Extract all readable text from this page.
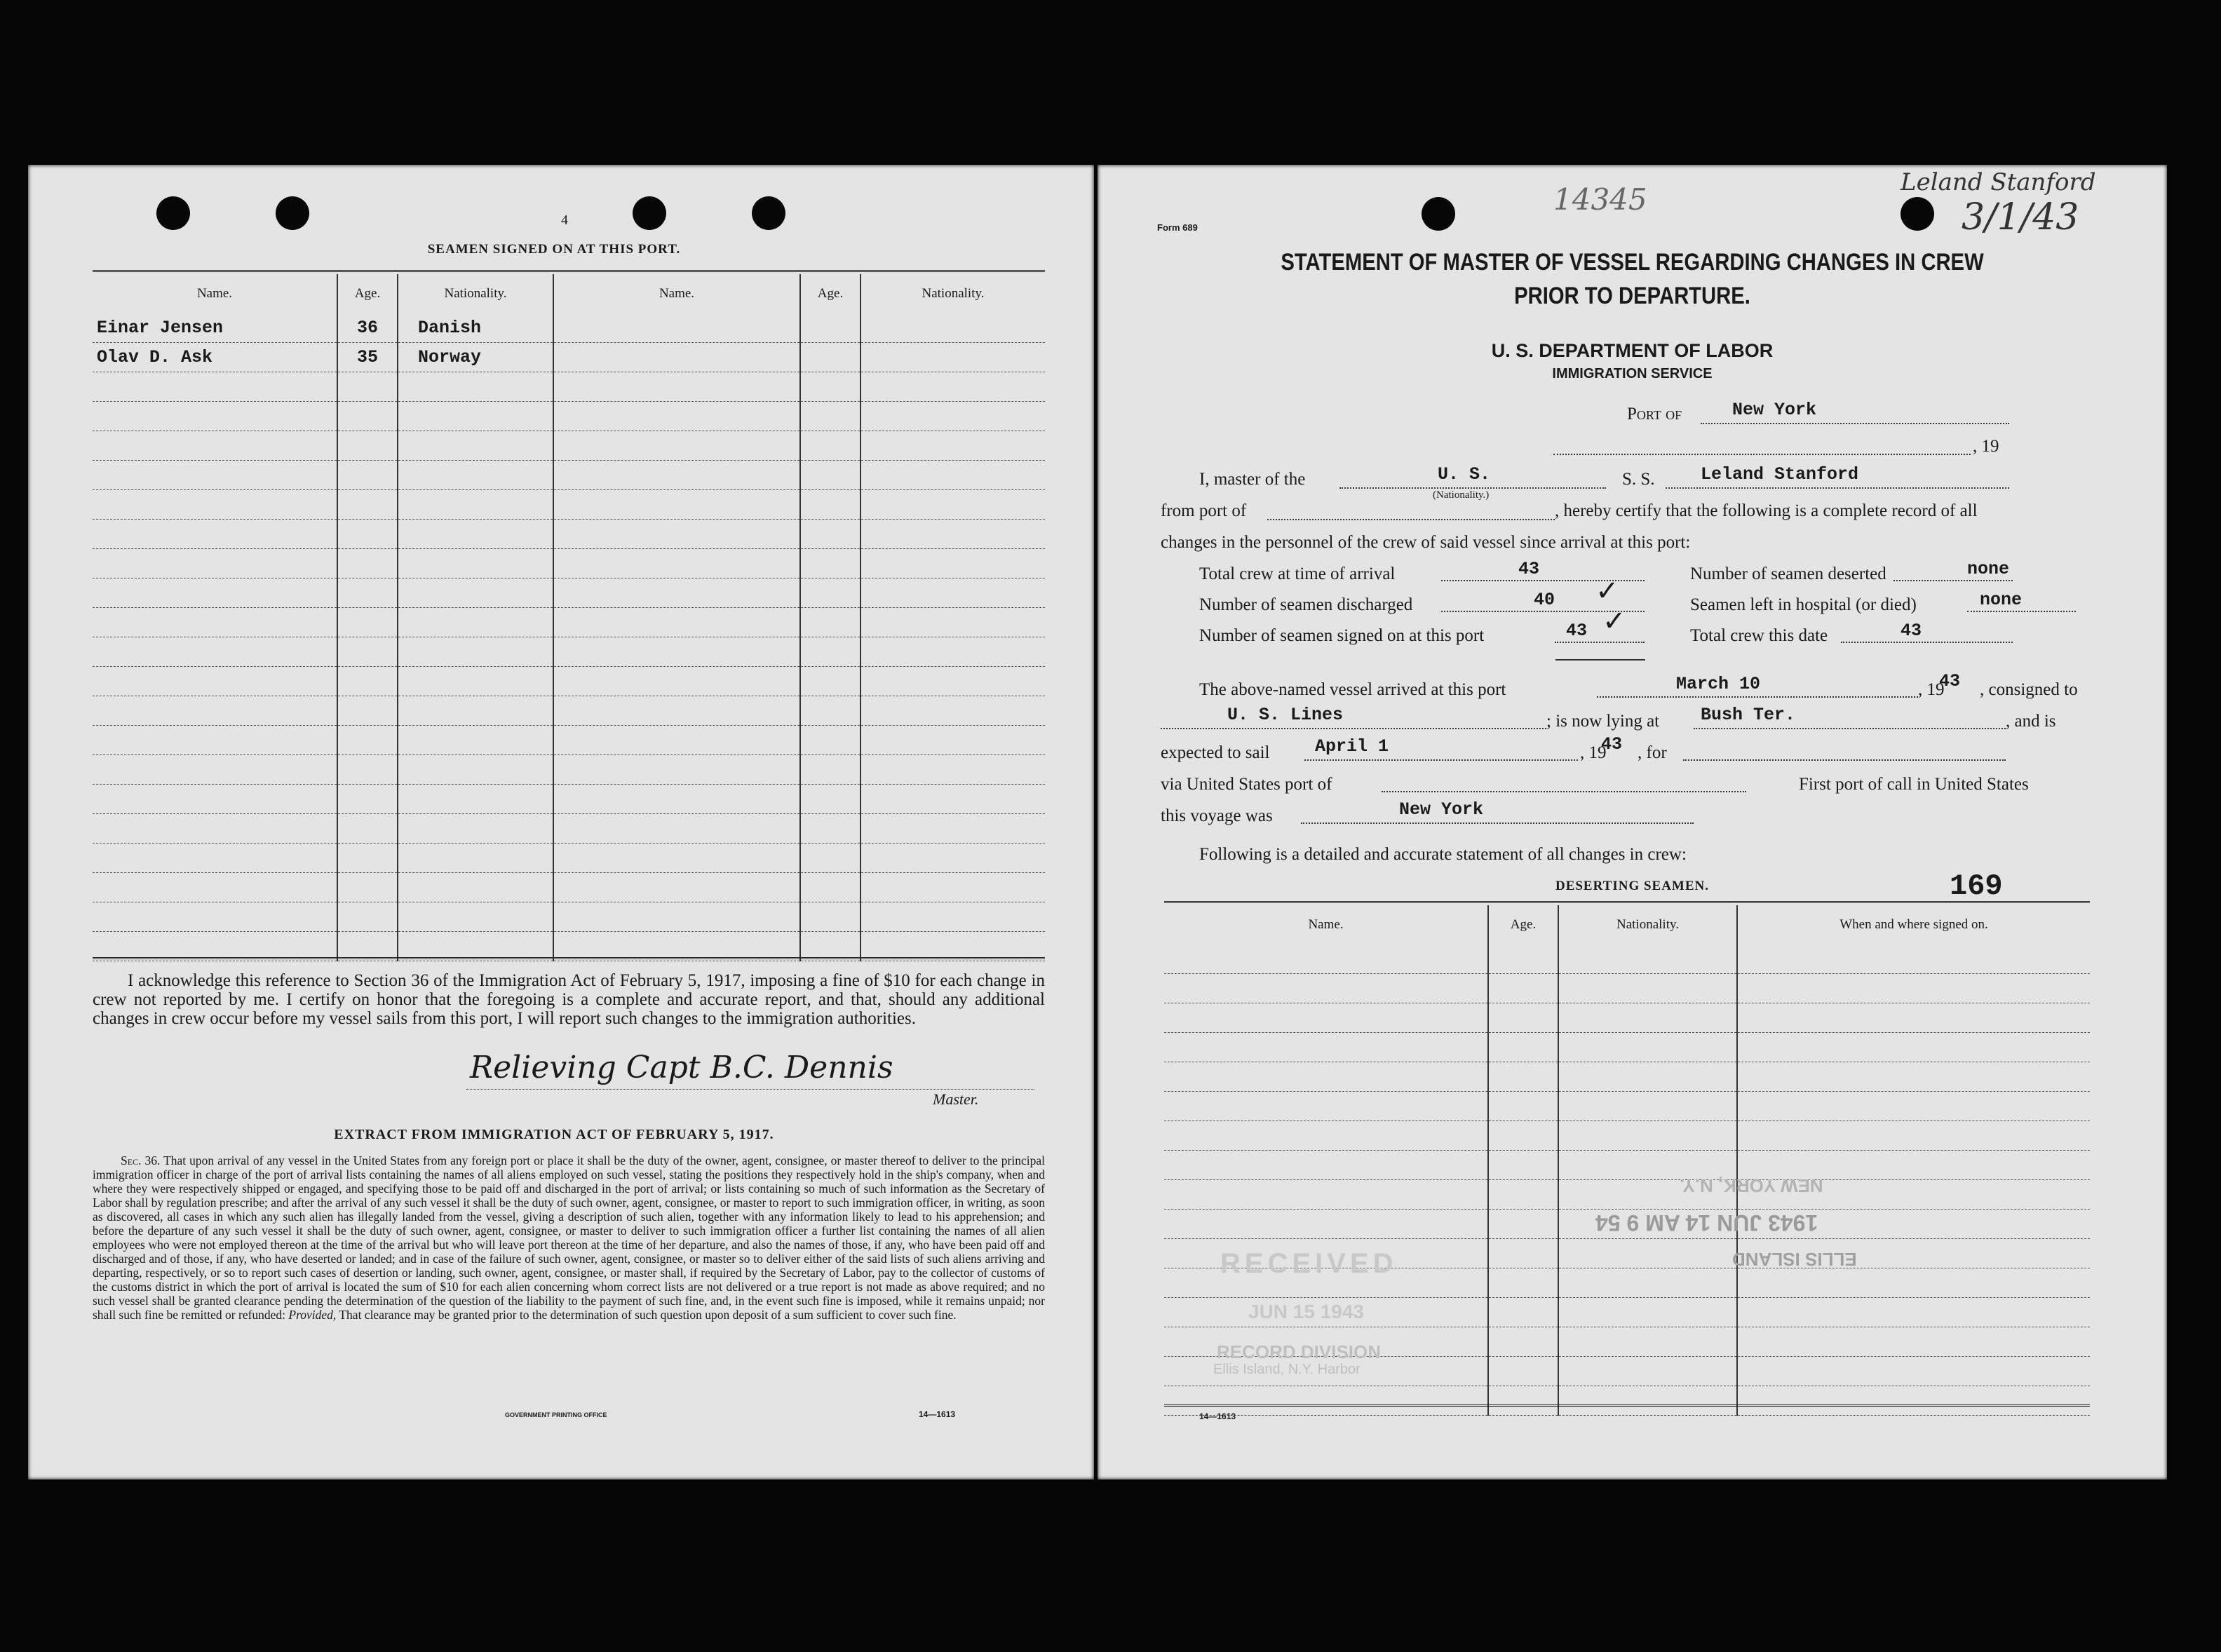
4
SEAMEN SIGNED ON AT THIS PORT.
Name.	Age.	Nationality.	Name.	Age.	Nationality.
Einar Jensen	36	Danish			
Olav D. Ask	35	Norway			

I acknowledge this reference to Section 36 of the Immigration Act of February 5, 1917, imposing a fine of $10 for each change in crew not reported by me. I certify on honor that the foregoing is a complete and accurate report, and that, should any additional changes in crew occur before my vessel sails from this port, I will report such changes to the immigration authorities.
Relieving Capt B.C. Dennis
Master.
EXTRACT FROM IMMIGRATION ACT OF FEBRUARY 5, 1917.
Sec. 36. That upon arrival of any vessel in the United States from any foreign port or place it shall be the duty of the owner, agent, consignee, or master thereof to deliver to the principal immigration officer in charge of the port of arrival lists containing the names of all aliens employed on such vessel, stating the positions they respectively hold in the ship's company, when and where they were respectively shipped or engaged, and specifying those to be paid off and discharged in the port of arrival; or lists containing so much of such information as the Secretary of Labor shall by regulation prescribe; and after the arrival of any such vessel it shall be the duty of such owner, agent, consignee, or master to report to such immigration officer, in writing, as soon as discovered, all cases in which any such alien has illegally landed from the vessel, giving a description of such alien, together with any information likely to lead to his apprehension; and before the departure of any such vessel it shall be the duty of such owner, agent, consignee, or master to deliver to such immigration officer a further list containing the names of all alien employees who were not employed thereon at the time of the arrival but who will leave port thereon at the time of her departure, and also the names of those, if any, who have been paid off and discharged and of those, if any, who have deserted or landed; and in case of the failure of such owner, agent, consignee, or master so to deliver either of the said lists of such aliens arriving and departing, respectively, or so to report such cases of desertion or landing, such owner, agent, consignee, or master shall, if required by the Secretary of Labor, pay to the collector of customs of the customs district in which the port of arrival is located the sum of $10 for each alien concerning whom correct lists are not delivered or a true report is not made as above required; and no such vessel shall be granted clearance pending the determination of the question of the liability to the payment of such fine, and, in the event such fine is imposed, while it remains unpaid; nor shall such fine be remitted or refunded: Provided, That clearance may be granted prior to the determination of such question upon deposit of a sum sufficient to cover such fine.
GOVERNMENT PRINTING OFFICE	14—1613
Form 689
14345	Leland Stanford
3/1/43
STATEMENT OF MASTER OF VESSEL REGARDING CHANGES IN CREW
PRIOR TO DEPARTURE.
U. S. DEPARTMENT OF LABOR
IMMIGRATION SERVICE
Port of	New York
, 19
I, master of the	U. S.
(Nationality.)
S. S.	Leland Stanford
from port of	, hereby certify that the following is a complete record of all
changes in the personnel of the crew of said vessel since arrival at this port:
Total crew at time of arrival	43	Number of seamen deserted	none
Number of seamen discharged	40 ✓	Seamen left in hospital (or died)	none
Number of seamen signed on at this port	43 ✓	Total crew this date	43
The above-named vessel arrived at this port	March 10	, 19
43 , consigned to
U. S. Lines	; is now lying at Bush Ter.	, and is
expected to sail	April 1	, 19
43 , for
via United States port of	First port of call in United States
this voyage was	New York
Following is a detailed and accurate statement of all changes in crew:
DESERTING SEAMEN.	169
Name.	Age.	Nationality.	When and where signed on.

14—1613
1943 JUN 14 AM 9 54
NEW YORK, N.Y.
ELLIS ISLAND
RECEIVED
JUN 15 1943
RECORD DIVISION
Ellis Island, N.Y. Harbor
